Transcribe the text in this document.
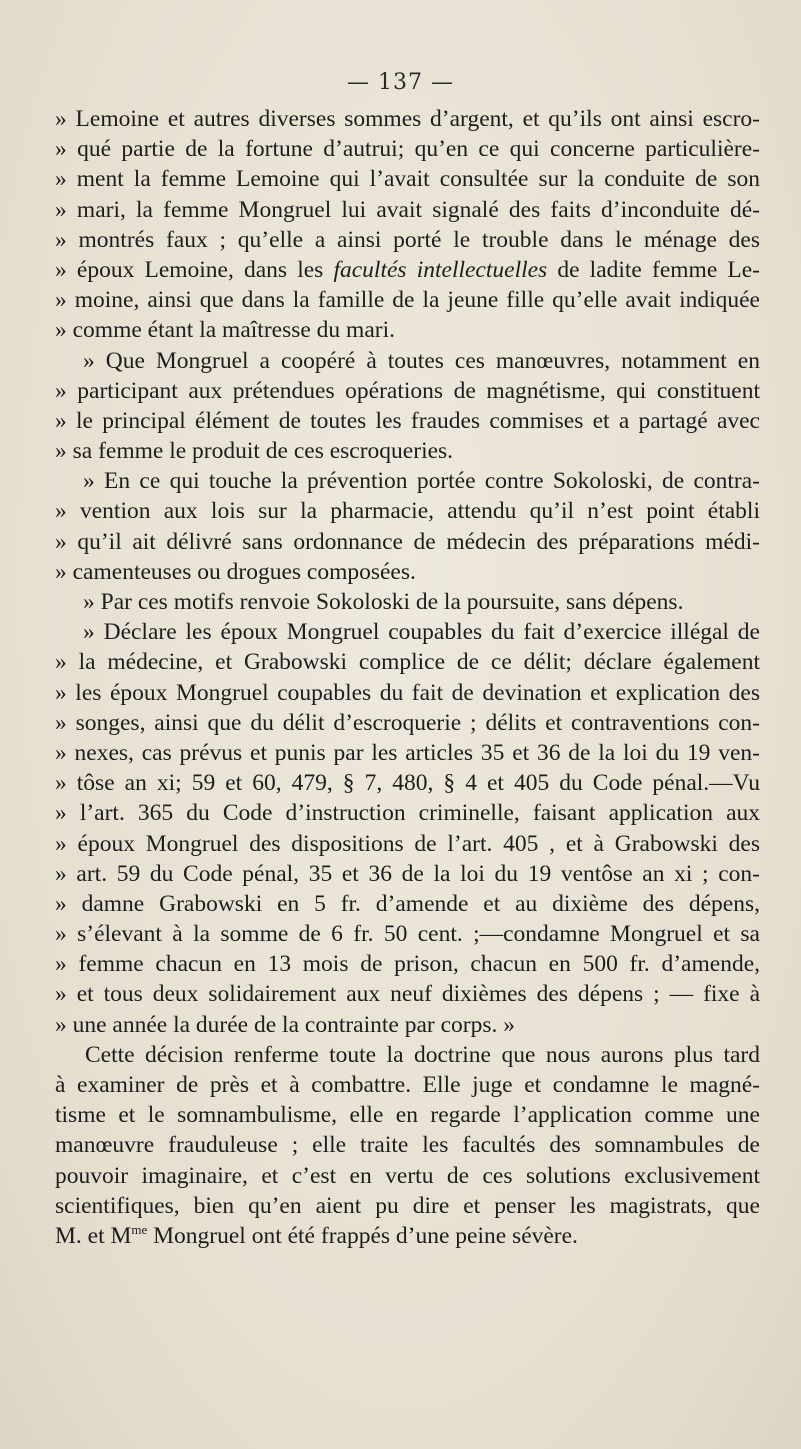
— 137 —
» Lemoine et autres diverses sommes d’argent, et qu’ils ont ainsi escro-
» qué partie de la fortune d’autrui; qu’en ce qui concerne particulière-
» ment la femme Lemoine qui l’avait consultée sur la conduite de son
» mari, la femme Mongruel lui avait signalé des faits d’inconduite dé-
» montrés faux ; qu’elle a ainsi porté le trouble dans le ménage des
» époux Lemoine, dans les facultés intellectuelles de ladite femme Le-
» moine, ainsi que dans la famille de la jeune fille qu’elle avait indiquée
» comme étant la maîtresse du mari.
» Que Mongruel a coopéré à toutes ces manœuvres, notamment en
» participant aux prétendues opérations de magnétisme, qui constituent
» le principal élément de toutes les fraudes commises et a partagé avec
» sa femme le produit de ces escroqueries.
» En ce qui touche la prévention portée contre Sokoloski, de contra-
» vention aux lois sur la pharmacie, attendu qu’il n’est point établi
» qu’il ait délivré sans ordonnance de médecin des préparations médi-
» camenteuses ou drogues composées.
» Par ces motifs renvoie Sokoloski de la poursuite, sans dépens.
» Déclare les époux Mongruel coupables du fait d’exercice illégal de
» la médecine, et Grabowski complice de ce délit; déclare également
» les époux Mongruel coupables du fait de devination et explication des
» songes, ainsi que du délit d’escroquerie ; délits et contraventions con-
» nexes, cas prévus et punis par les articles 35 et 36 de la loi du 19 ven-
» tôse an xi; 59 et 60, 479, § 7, 480, § 4 et 405 du Code pénal.—Vu
» l’art. 365 du Code d’instruction criminelle, faisant application aux
» époux Mongruel des dispositions de l’art. 405 , et à Grabowski des
» art. 59 du Code pénal, 35 et 36 de la loi du 19 ventôse an xi ; con-
» damne Grabowski en 5 fr. d’amende et au dixième des dépens,
» s’élevant à la somme de 6 fr. 50 cent. ;—condamne Mongruel et sa
» femme chacun en 13 mois de prison, chacun en 500 fr. d’amende,
» et tous deux solidairement aux neuf dixièmes des dépens ; — fixe à
» une année la durée de la contrainte par corps. »
Cette décision renferme toute la doctrine que nous aurons plus tard
à examiner de près et à combattre. Elle juge et condamne le magné-
tisme et le somnambulisme, elle en regarde l’application comme une
manœuvre frauduleuse ; elle traite les facultés des somnambules de
pouvoir imaginaire, et c’est en vertu de ces solutions exclusivement
scientifiques, bien qu’en aient pu dire et penser les magistrats, que
M. et $M^{me}$ Mongruel ont été frappés d’une peine sévère.
